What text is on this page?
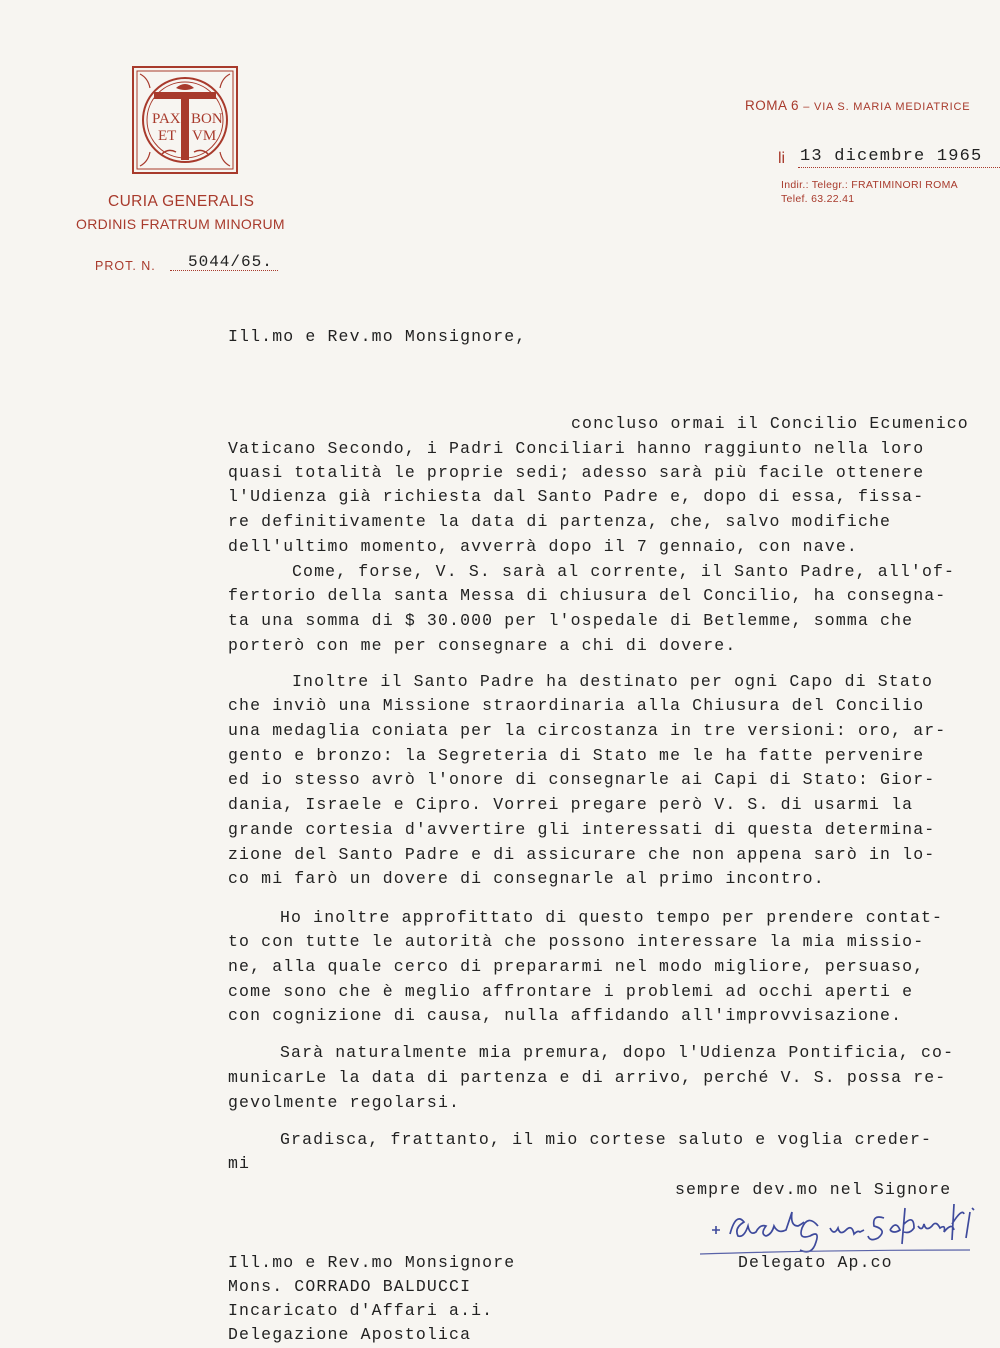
PAX BON
ET VM
CURIA GENERALIS
ORDINIS FRATRUM MINORUM
PROT. N. 5044/65.
ROMA 6 – VIA S. MARIA MEDIATRICE
li 13 dicembre 1965
Indir.: Telegr.: FRATIMINORI ROMA
Telef. 63.22.41
Ill.mo e Rev.mo Monsignore,
concluso ormai il Concilio Ecumenico
Vaticano Secondo, i Padri Conciliari hanno raggiunto nella loro
quasi totalità le proprie sedi; adesso sarà più facile ottenere
l'Udienza già richiesta dal Santo Padre e, dopo di essa, fissa-
re definitivamente la data di partenza, che, salvo modifiche
dell'ultimo momento, avverrà dopo il 7 gennaio, con nave.
Come, forse, V. S. sarà al corrente, il Santo Padre, all'of-
fertorio della santa Messa di chiusura del Concilio, ha consegna-
ta una somma di $ 30.000 per l'ospedale di Betlemme, somma che
porterò con me per consegnare a chi di dovere.
Inoltre il Santo Padre ha destinato per ogni Capo di Stato
che inviò una Missione straordinaria alla Chiusura del Concilio
una medaglia coniata per la circostanza in tre versioni: oro, ar-
gento e bronzo: la Segreteria di Stato me le ha fatte pervenire
ed io stesso avrò l'onore di consegnarle ai Capi di Stato: Gior-
dania, Israele e Cipro. Vorrei pregare però V. S. di usarmi la
grande cortesia d'avvertire gli interessati di questa determina-
zione del Santo Padre e di assicurare che non appena sarò in lo-
co mi farò un dovere di consegnarle al primo incontro.
Ho inoltre approfittato di questo tempo per prendere contat-
to con tutte le autorità che possono interessare la mia missio-
ne, alla quale cerco di prepararmi nel modo migliore, persuaso,
come sono che è meglio affrontare i problemi ad occhi aperti e
con cognizione di causa, nulla affidando all'improvvisazione.
Sarà naturalmente mia premura, dopo l'Udienza Pontificia, co-
municarLe la data di partenza e di arrivo, perché V. S. possa re-
gevolmente regolarsi.
Gradisca, frattanto, il mio cortese saluto e voglia creder-
mi
sempre dev.mo nel Signore
Delegato Ap.co
Ill.mo e Rev.mo Monsignore
Mons. CORRADO BALDUCCI
Incaricato d'Affari a.i.
Delegazione Apostolica
